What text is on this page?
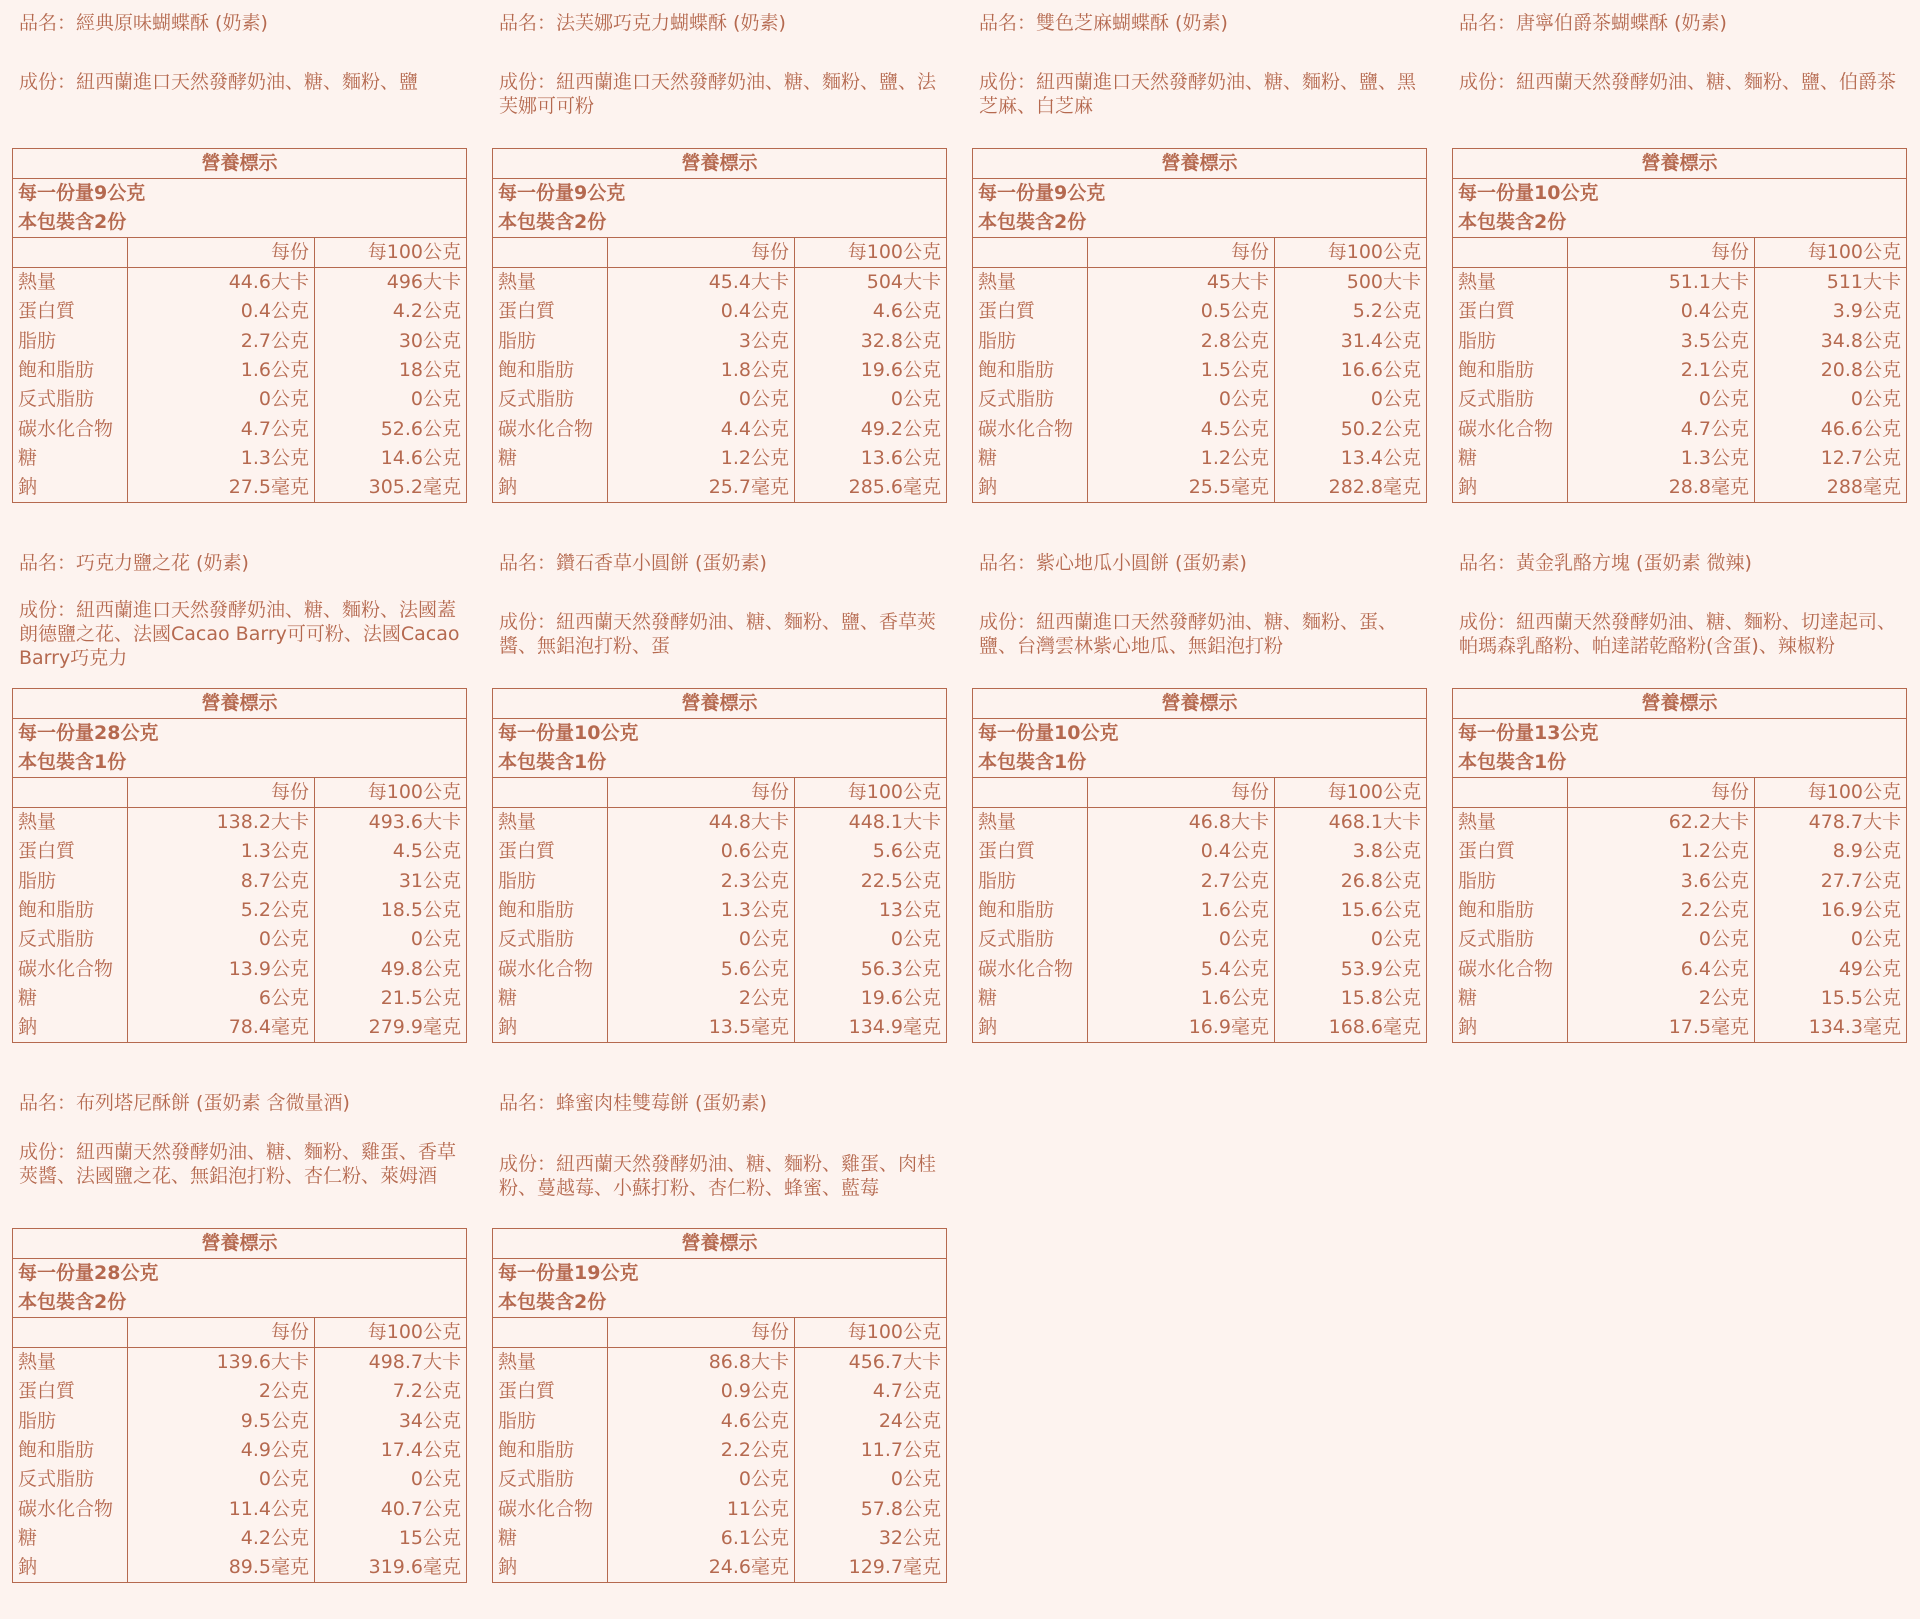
品名：經典原味蝴蝶酥 (奶素)
成份：紐西蘭進口天然發酵奶油、糖、麵粉、鹽
營養標示		
每一份量9公克		
本包裝含2份		
	每份	每100公克
熱量	44.6大卡	496大卡
蛋白質	0.4公克	4.2公克
脂肪	2.7公克	30公克
飽和脂肪	1.6公克	18公克
反式脂肪	0公克	0公克
碳水化合物	4.7公克	52.6公克
糖	1.3公克	14.6公克
鈉	27.5毫克	305.2毫克
品名：法芙娜巧克力蝴蝶酥 (奶素)
成份：紐西蘭進口天然發酵奶油、糖、麵粉、鹽、法芙娜可可粉
營養標示		
每一份量9公克		
本包裝含2份		
	每份	每100公克
熱量	45.4大卡	504大卡
蛋白質	0.4公克	4.6公克
脂肪	3公克	32.8公克
飽和脂肪	1.8公克	19.6公克
反式脂肪	0公克	0公克
碳水化合物	4.4公克	49.2公克
糖	1.2公克	13.6公克
鈉	25.7毫克	285.6毫克
品名：雙色芝麻蝴蝶酥 (奶素)
成份：紐西蘭進口天然發酵奶油、糖、麵粉、鹽、黑芝麻、白芝麻
營養標示		
每一份量9公克		
本包裝含2份		
	每份	每100公克
熱量	45大卡	500大卡
蛋白質	0.5公克	5.2公克
脂肪	2.8公克	31.4公克
飽和脂肪	1.5公克	16.6公克
反式脂肪	0公克	0公克
碳水化合物	4.5公克	50.2公克
糖	1.2公克	13.4公克
鈉	25.5毫克	282.8毫克
品名：唐寧伯爵茶蝴蝶酥 (奶素)
成份：紐西蘭天然發酵奶油、糖、麵粉、鹽、伯爵茶
營養標示		
每一份量10公克		
本包裝含2份		
	每份	每100公克
熱量	51.1大卡	511大卡
蛋白質	0.4公克	3.9公克
脂肪	3.5公克	34.8公克
飽和脂肪	2.1公克	20.8公克
反式脂肪	0公克	0公克
碳水化合物	4.7公克	46.6公克
糖	1.3公克	12.7公克
鈉	28.8毫克	288毫克
品名：巧克力鹽之花 (奶素)
成份：紐西蘭進口天然發酵奶油、糖、麵粉、法國蓋朗德鹽之花、法國Cacao Barry可可粉、法國Cacao Barry巧克力
營養標示		
每一份量28公克		
本包裝含1份		
	每份	每100公克
熱量	138.2大卡	493.6大卡
蛋白質	1.3公克	4.5公克
脂肪	8.7公克	31公克
飽和脂肪	5.2公克	18.5公克
反式脂肪	0公克	0公克
碳水化合物	13.9公克	49.8公克
糖	6公克	21.5公克
鈉	78.4毫克	279.9毫克
品名：鑽石香草小圓餅 (蛋奶素)
成份：紐西蘭天然發酵奶油、糖、麵粉、鹽、香草莢醬、無鋁泡打粉、蛋
營養標示		
每一份量10公克		
本包裝含1份		
	每份	每100公克
熱量	44.8大卡	448.1大卡
蛋白質	0.6公克	5.6公克
脂肪	2.3公克	22.5公克
飽和脂肪	1.3公克	13公克
反式脂肪	0公克	0公克
碳水化合物	5.6公克	56.3公克
糖	2公克	19.6公克
鈉	13.5毫克	134.9毫克
品名：紫心地瓜小圓餅 (蛋奶素)
成份：紐西蘭進口天然發酵奶油、糖、麵粉、蛋、鹽、台灣雲林紫心地瓜、無鋁泡打粉
營養標示		
每一份量10公克		
本包裝含1份		
	每份	每100公克
熱量	46.8大卡	468.1大卡
蛋白質	0.4公克	3.8公克
脂肪	2.7公克	26.8公克
飽和脂肪	1.6公克	15.6公克
反式脂肪	0公克	0公克
碳水化合物	5.4公克	53.9公克
糖	1.6公克	15.8公克
鈉	16.9毫克	168.6毫克
品名：黃金乳酪方塊 (蛋奶素 微辣)
成份：紐西蘭天然發酵奶油、糖、麵粉、切達起司、帕瑪森乳酪粉、帕達諾乾酪粉(含蛋)、辣椒粉
營養標示		
每一份量13公克		
本包裝含1份		
	每份	每100公克
熱量	62.2大卡	478.7大卡
蛋白質	1.2公克	8.9公克
脂肪	3.6公克	27.7公克
飽和脂肪	2.2公克	16.9公克
反式脂肪	0公克	0公克
碳水化合物	6.4公克	49公克
糖	2公克	15.5公克
鈉	17.5毫克	134.3毫克
品名：布列塔尼酥餅 (蛋奶素 含微量酒)
成份：紐西蘭天然發酵奶油、糖、麵粉、雞蛋、香草莢醬、法國鹽之花、無鋁泡打粉、杏仁粉、萊姆酒
營養標示		
每一份量28公克		
本包裝含2份		
	每份	每100公克
熱量	139.6大卡	498.7大卡
蛋白質	2公克	7.2公克
脂肪	9.5公克	34公克
飽和脂肪	4.9公克	17.4公克
反式脂肪	0公克	0公克
碳水化合物	11.4公克	40.7公克
糖	4.2公克	15公克
鈉	89.5毫克	319.6毫克
品名：蜂蜜肉桂雙莓餅 (蛋奶素)
成份：紐西蘭天然發酵奶油、糖、麵粉、雞蛋、肉桂粉、蔓越莓、小蘇打粉、杏仁粉、蜂蜜、藍莓
營養標示		
每一份量19公克		
本包裝含2份		
	每份	每100公克
熱量	86.8大卡	456.7大卡
蛋白質	0.9公克	4.7公克
脂肪	4.6公克	24公克
飽和脂肪	2.2公克	11.7公克
反式脂肪	0公克	0公克
碳水化合物	11公克	57.8公克
糖	6.1公克	32公克
鈉	24.6毫克	129.7毫克
